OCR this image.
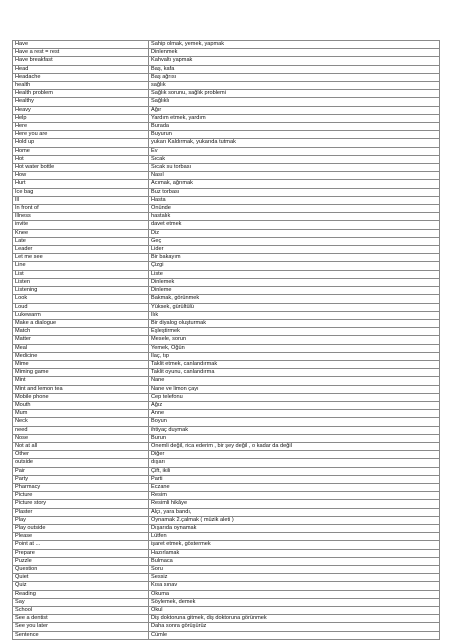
Have	Sahip olmak, yemek, yapmak
Have a rest = rest	Dinlenmek
Have breakfast	Kahvaltı yapmak
Head	Baş, kafa
Headache	Baş ağrısı
health	sağlık
Health problem	Sağlık sorunu, sağlık problemi
Healthy	Sağlıklı
Heavy	Ağır
Help	Yardım etmek, yardım
Here	Burada
Here you are	Buyurun
Hold up	yukarı Kaldırmak, yukarıda tutmak
Home	Ev
Hot	Sıcak
Hot water bottle	Sıcak su torbası
How	Nasıl
Hurt	Acımak, ağrımak
Ice bag	Buz torbası
Ill	Hasta
In front of	Önünde
Illness	hastalık
invite	davet etmek
Knee	Diz
Late	Geç
Leader	Lider
Let me see	Bir bakayım
Line	Çizgi
List	Liste
Listen	Dinlemek
Listening	Dinleme
Look	Bakmak, görünmek
Loud	Yüksek, gürültülü
Lukewarm	Ilık
Make a dialogue	Bir diyalog oluşturmak
Match	Eşleştirmek
Matter	Mesele, sorun
Meal	Yemek, Öğün
Medicine	İlaç, tıp
Mime	Taklit etmek, canlandırmak
Miming game	Taklit oyunu, canlandırma
Mint	Nane
Mint and lemon tea	Nane ve limon çayı
Mobile phone	Cep telefonu
Mouth	Ağız
Mum	Anne
Neck	Boyun
need	ihtiyaç duymak
Nose	Burun
Not at all	Önemli değil, rica ederim , bir şey değil , o kadar da değil
Other	Diğer
outside	dışarı
Pair	Çift, ikili
Party	Parti
Pharmacy	Eczane
Picture	Resim
Picture story	Resimli hikâye
Plaster	Alçı, yara bandı,
Play	Oynamak 2.çalmak ( müzik aleti )
Play outside	Dışarıda oynamak
Please	Lütfen
Point at ...	işaret etmek, göstermek
Prepare	Hazırlamak
Puzzle	Bulmaca
Question	Soru
Quiet	Sessiz
Quiz	Kısa sınav
Reading	Okuma
Say	Söylemek, demek
School	Okul
See a dentist	Diş doktoruna gitmek, diş doktoruna görünmek
See you later	Daha sonra görüşürüz
Sentence	Cümle
